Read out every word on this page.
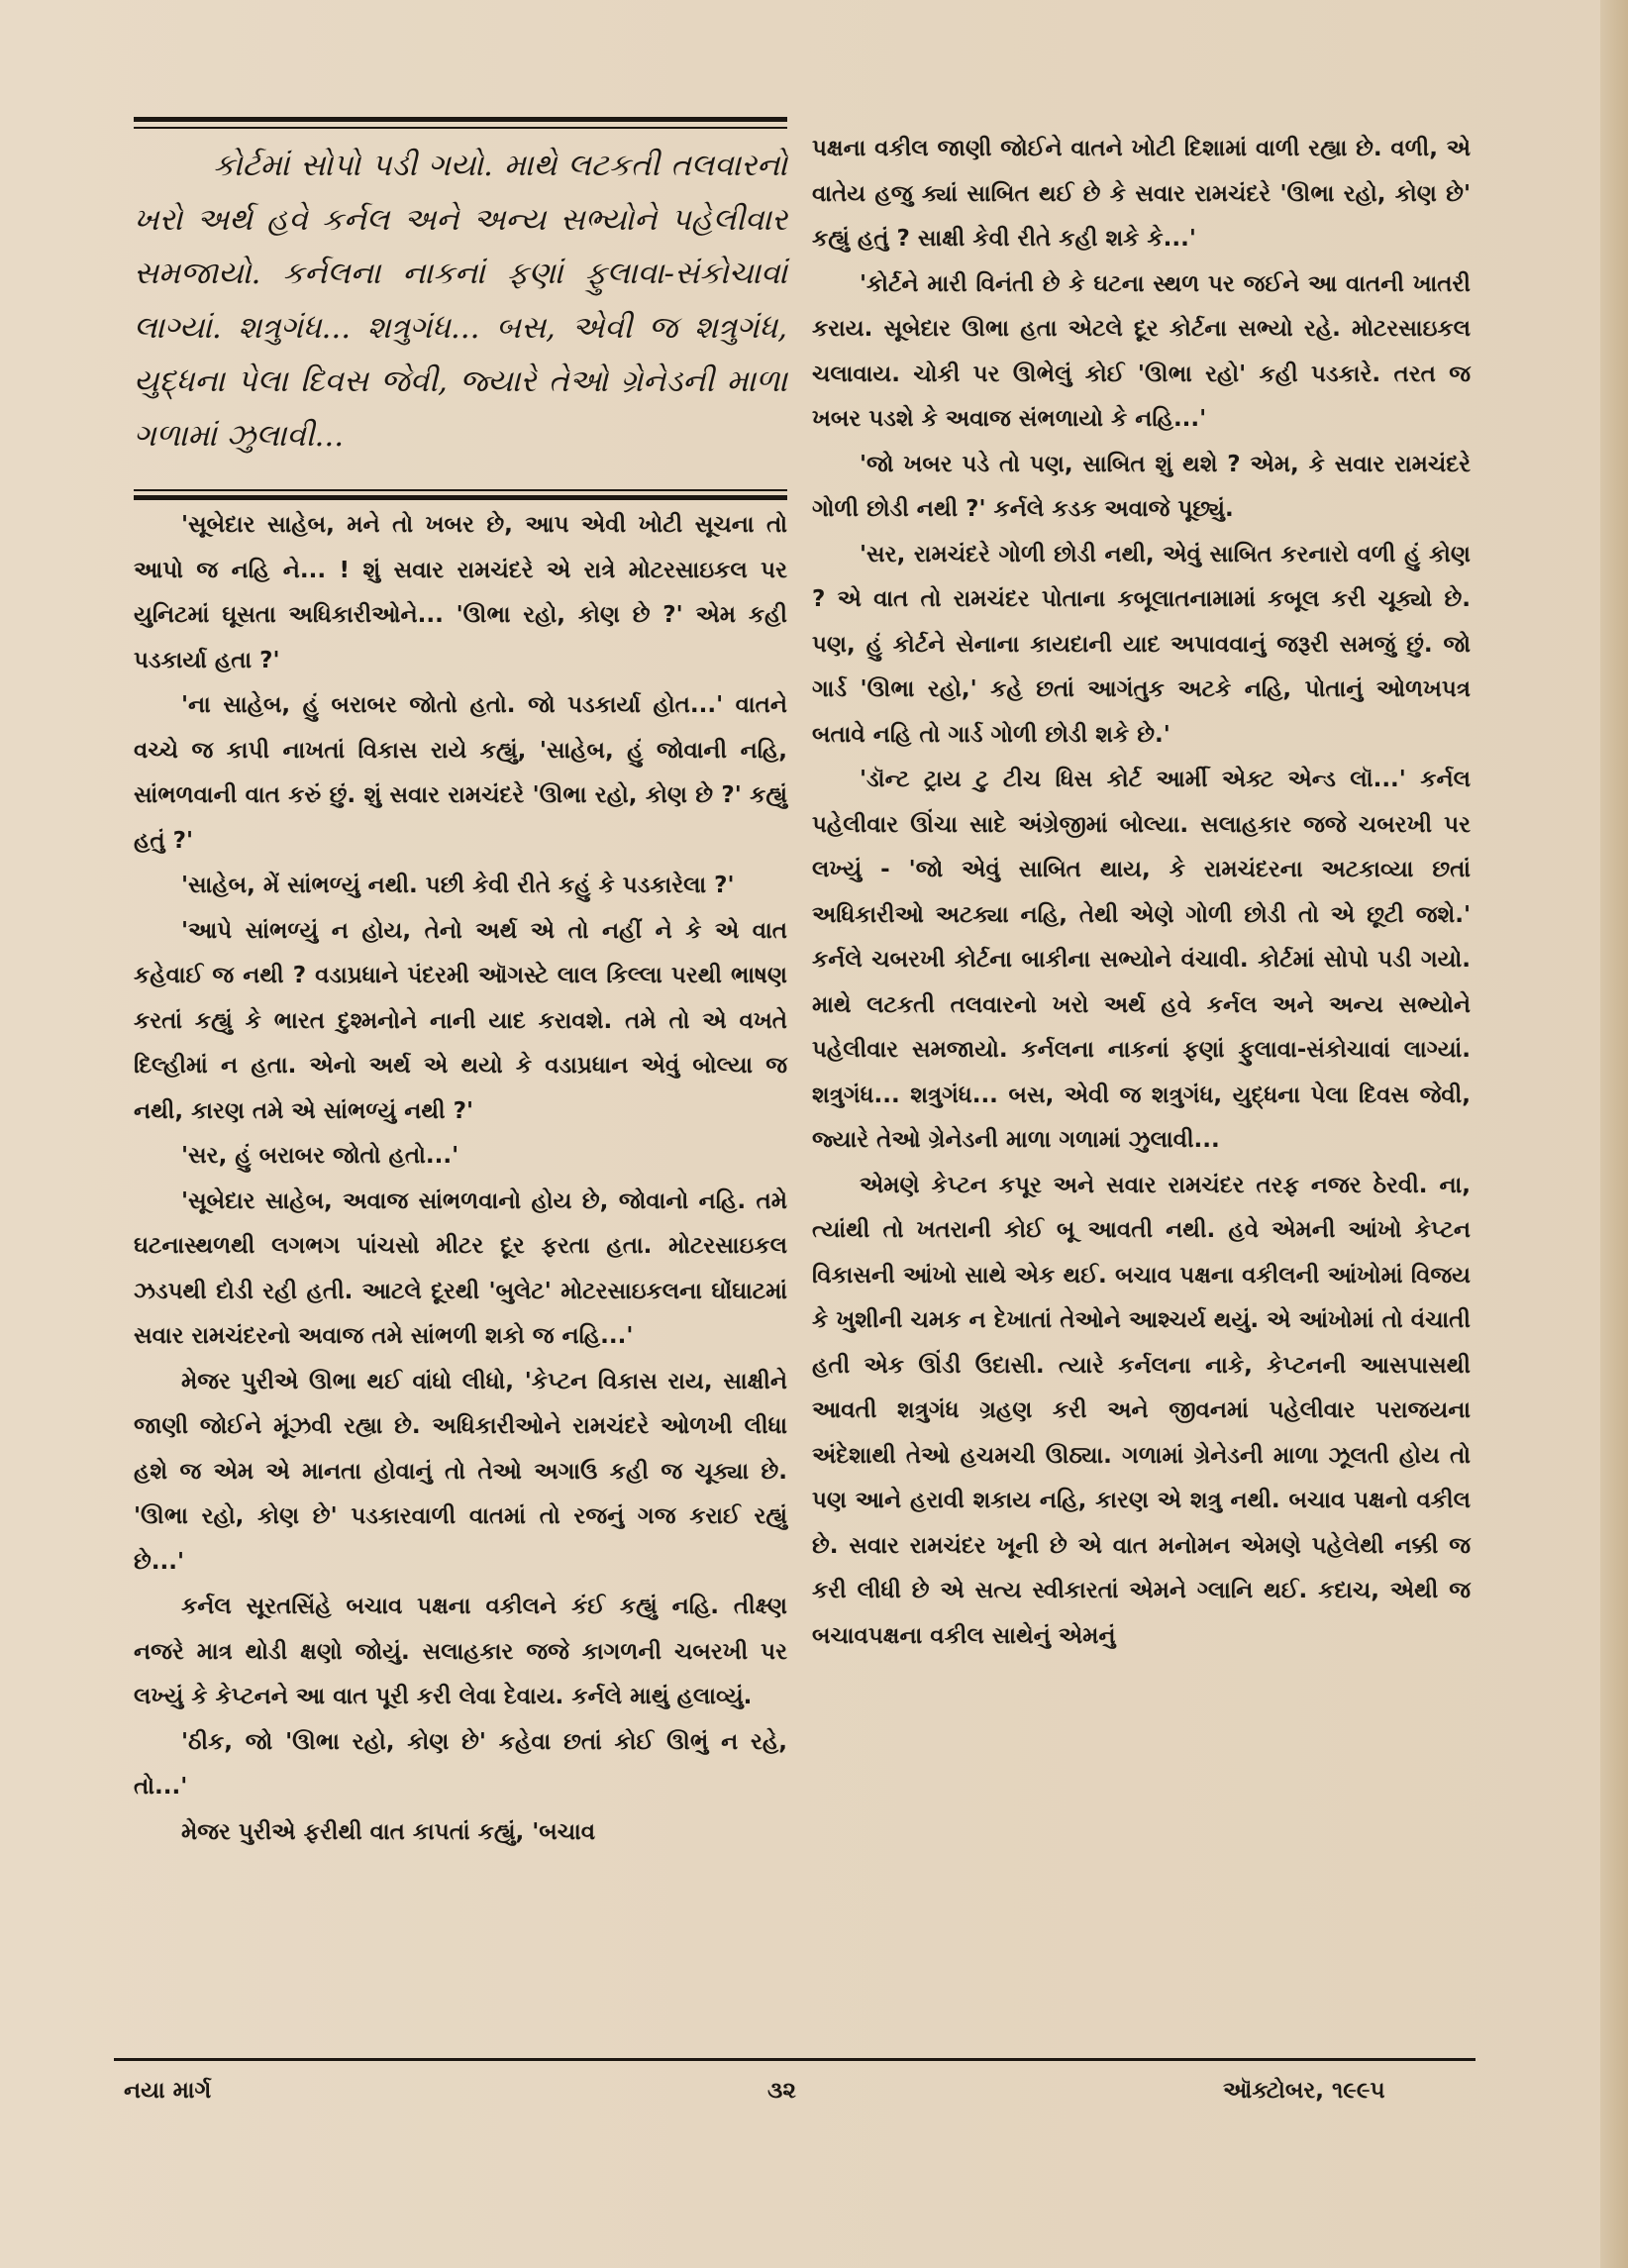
કોર્ટમાં સોપો પડી ગયો. માથે લટકતી તલવારનો ખરો અર્થ હવે કર્નલ અને અન્ય સભ્યોને પહેલીવાર સમજાયો. કર્નલના નાકનાં ફણાં ફુલાવા-સંકોચાવાં લાગ્યાં. શત્રુગંધ... શત્રુગંધ... બસ, એવી જ શત્રુગંધ, યુદ્ધના પેલા દિવસ જેવી, જ્યારે તેઓ ગ્રેનેડની માળા ગળામાં ઝુલાવી...

'સૂબેદાર સાહેબ, મને તો ખબર છે, આપ એવી ખોટી સૂચના તો આપો જ નહિ ને... ! શું સવાર રામચંદરે એ રાત્રે મોટરસાઇકલ પર યુનિટમાં ઘૂસતા અધિકારીઓને... 'ઊભા રહો, કોણ છે ?' એમ કહી પડકાર્યા હતા ?'

'ના સાહેબ, હું બરાબર જોતો હતો. જો પડકાર્યા હોત...' વાતને વચ્ચે જ કાપી નાખતાં વિકાસ રાયે કહ્યું, 'સાહેબ, હું જોવાની નહિ, સાંભળવાની વાત કરું છું. શું સવાર રામચંદરે 'ઊભા રહો, કોણ છે ?' કહ્યું હતું ?'

'સાહેબ, મેં સાંભળ્યું નથી. પછી કેવી રીતે કહું કે પડકારેલા ?'

'આપે સાંભળ્યું ન હોય, તેનો અર્થ એ તો નહીં ને કે એ વાત કહેવાઈ જ નથી ? વડાપ્રધાને પંદરમી ઑગસ્ટે લાલ કિલ્લા પરથી ભાષણ કરતાં કહ્યું કે ભારત દુશ્મનોને નાની યાદ કરાવશે. તમે તો એ વખતે દિલ્હીમાં ન હતા. એનો અર્થ એ થયો કે વડાપ્રધાન એવું બોલ્યા જ નથી, કારણ તમે એ સાંભળ્યું નથી ?'

'સર, હું બરાબર જોતો હતો...'

'સૂબેદાર સાહેબ, અવાજ સાંભળવાનો હોય છે, જોવાનો નહિ. તમે ઘટનાસ્થળથી લગભગ પાંચસો મીટર દૂર ફરતા હતા. મોટરસાઇકલ ઝડપથી દોડી રહી હતી. આટલે દૂરથી 'બુલેટ' મોટરસાઇકલના ઘોંઘાટમાં સવાર રામચંદરનો અવાજ તમે સાંભળી શકો જ નહિ...'

મેજર પુરીએ ઊભા થઈ વાંધો લીધો, 'કેપ્ટન વિકાસ રાય, સાક્ષીને જાણી જોઈને મૂંઝવી રહ્યા છે. અધિકારીઓને રામચંદરે ઓળખી લીધા હશે જ એમ એ માનતા હોવાનું તો તેઓ અગાઉ કહી જ ચૂક્યા છે. 'ઊભા રહો, કોણ છે' પડકારવાળી વાતમાં તો રજનું ગજ કરાઈ રહ્યું છે...'

કર્નલ સૂરતસિંહે બચાવ પક્ષના વકીલને કંઈ કહ્યું નહિ. તીક્ષ્ણ નજરે માત્ર થોડી ક્ષણો જોયું. સલાહકાર જજે કાગળની ચબરખી પર લખ્યું કે કેપ્ટનને આ વાત પૂરી કરી લેવા દેવાય. કર્નલે માથું હલાવ્યું.

'ઠીક, જો 'ઊભા રહો, કોણ છે' કહેવા છતાં કોઈ ઊભું ન રહે, તો...'

મેજર પુરીએ ફરીથી વાત કાપતાં કહ્યું, 'બચાવ

પક્ષના વકીલ જાણી જોઈને વાતને ખોટી દિશામાં વાળી રહ્યા છે. વળી, એ વાતેય હજુ ક્યાં સાબિત થઈ છે કે સવાર રામચંદરે 'ઊભા રહો, કોણ છે' કહ્યું હતું ? સાક્ષી કેવી રીતે કહી શકે કે...'

'કોર્ટને મારી વિનંતી છે કે ઘટના સ્થળ પર જઈને આ વાતની ખાતરી કરાય. સૂબેદાર ઊભા હતા એટલે દૂર કોર્ટના સભ્યો રહે. મોટરસાઇકલ ચલાવાય. ચોકી પર ઊભેલું કોઈ 'ઊભા રહો' કહી પડકારે. તરત જ ખબર પડશે કે અવાજ સંભળાયો કે નહિ...'

'જો ખબર પડે તો પણ, સાબિત શું થશે ? એમ, કે સવાર રામચંદરે ગોળી છોડી નથી ?' કર્નલે કડક અવાજે પૂછ્યું.

'સર, રામચંદરે ગોળી છોડી નથી, એવું સાબિત કરનારો વળી હું કોણ ? એ વાત તો રામચંદર પોતાના કબૂલાતનામામાં કબૂલ કરી ચૂક્યો છે. પણ, હું કોર્ટને સેનાના કાયદાની યાદ અપાવવાનું જરૂરી સમજું છું. જો ગાર્ડ 'ઊભા રહો,' કહે છતાં આગંતુક અટકે નહિ, પોતાનું ઓળખપત્ર બતાવે નહિ તો ગાર્ડ ગોળી છોડી શકે છે.'

'ડૉન્ટ ટ્રાય ટુ ટીચ ધિસ કોર્ટ આર્મી એક્ટ એન્ડ લૉ...' કર્નલ પહેલીવાર ઊંચા સાદે અંગ્રેજીમાં બોલ્યા. સલાહકાર જજે ચબરખી પર લખ્યું - 'જો એવું સાબિત થાય, કે રામચંદરના અટકાવ્યા છતાં અધિકારીઓ અટક્યા નહિ, તેથી એણે ગોળી છોડી તો એ છૂટી જશે.' કર્નલે ચબરખી કોર્ટના બાકીના સભ્યોને વંચાવી. કોર્ટમાં સોપો પડી ગયો. માથે લટકતી તલવારનો ખરો અર્થ હવે કર્નલ અને અન્ય સભ્યોને પહેલીવાર સમજાયો. કર્નલના નાકનાં ફણાં ફુલાવા-સંકોચાવાં લાગ્યાં. શત્રુગંધ... શત્રુગંધ... બસ, એવી જ શત્રુગંધ, યુદ્ધના પેલા દિવસ જેવી, જ્યારે તેઓ ગ્રેનેડની માળા ગળામાં ઝુલાવી...

એમણે કેપ્ટન કપૂર અને સવાર રામચંદર તરફ નજર ઠેરવી. ના, ત્યાંથી તો ખતરાની કોઈ બૂ આવતી નથી. હવે એમની આંખો કેપ્ટન વિકાસની આંખો સાથે એક થઈ. બચાવ પક્ષના વકીલની આંખોમાં વિજય કે ખુશીની ચમક ન દેખાતાં તેઓને આશ્ચર્ય થયું. એ આંખોમાં તો વંચાતી હતી એક ઊંડી ઉદાસી. ત્યારે કર્નલના નાકે, કેપ્ટનની આસપાસથી આવતી શત્રુગંધ ગ્રહણ કરી અને જીવનમાં પહેલીવાર પરાજયના અંદેશાથી તેઓ હચમચી ઊઠ્યા. ગળામાં ગ્રેનેડની માળા ઝૂલતી હોય તો પણ આને હરાવી શકાય નહિ, કારણ એ શત્રુ નથી. બચાવ પક્ષનો વકીલ છે. સવાર રામચંદર ખૂની છે એ વાત મનોમન એમણે પહેલેથી નક્કી જ કરી લીધી છે એ સત્ય સ્વીકારતાં એમને ગ્લાનિ થઈ. કદાચ, એથી જ બચાવપક્ષના વકીલ સાથેનું એમનું

નયા માર્ગ	૩૨	ઑક્ટોબર, ૧૯૯૫
